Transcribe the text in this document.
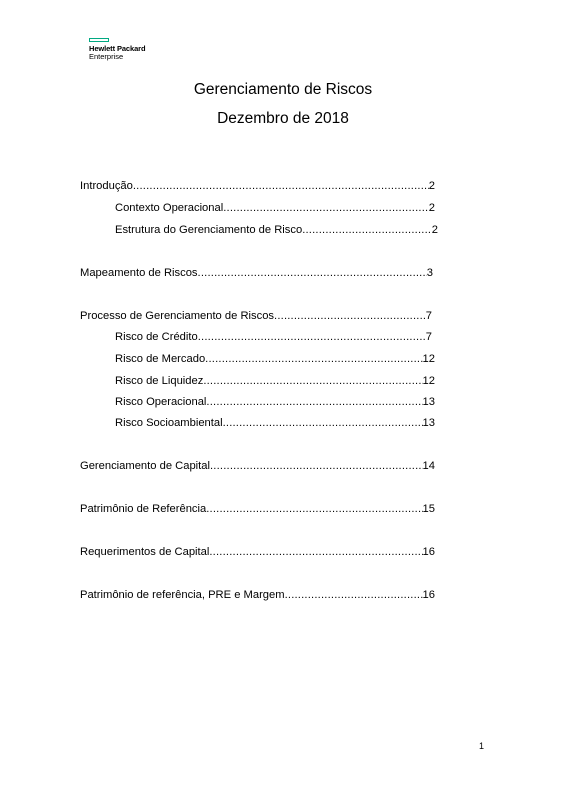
Hewlett Packard
Enterprise
Gerenciamento de Riscos
Dezembro de 2018
Introdução .....	2
Contexto Operacional .....	2
Estrutura do Gerenciamento de Risco .....	2
Mapeamento de Riscos .....	3
Processo de Gerenciamento de Riscos .....	7
Risco de Crédito .....	7
Risco de Mercado .....	12
Risco de Liquidez .....	12
Risco Operacional .....	13
Risco Socioambiental .....	13
Gerenciamento de Capital .....	14
Patrimônio de Referência .....	15
Requerimentos de Capital .....	16
Patrimônio de referência, PRE e Margem .....	16
1
